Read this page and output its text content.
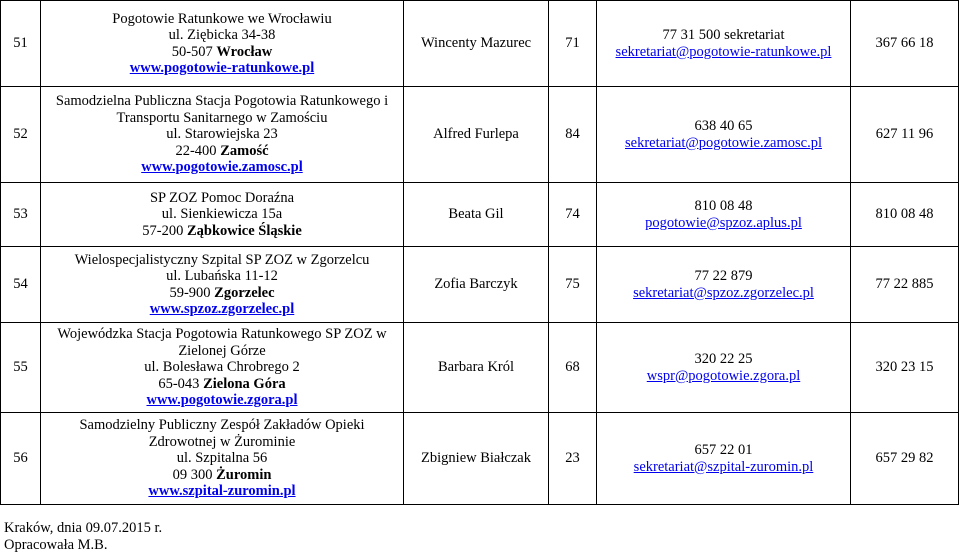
51	Pogotowie Ratunkowe we Wrocławiu
ul. Ziębicka 34-38
50-507 Wrocław
www.pogotowie-ratunkowe.pl	Wincenty Mazurec	71	77 31 500 sekretariat
sekretariat@pogotowie-ratunkowe.pl	367 66 18
52	Samodzielna Publiczna Stacja Pogotowia Ratunkowego i
Transportu Sanitarnego w Zamościu
ul. Starowiejska 23
22-400 Zamość
www.pogotowie.zamosc.pl	Alfred Furlepa	84	638 40 65
sekretariat@pogotowie.zamosc.pl	627 11 96
53	SP ZOZ Pomoc Doraźna
ul. Sienkiewicza 15a
57-200 Ząbkowice Śląskie	Beata Gil	74	810 08 48
pogotowie@spzoz.aplus.pl	810 08 48
54	Wielospecjalistyczny Szpital SP ZOZ w Zgorzelcu
ul. Lubańska 11-12
59-900 Zgorzelec
www.spzoz.zgorzelec.pl	Zofia Barczyk	75	77 22 879
sekretariat@spzoz.zgorzelec.pl	77 22 885
55	Wojewódzka Stacja Pogotowia Ratunkowego SP ZOZ w
Zielonej Górze
ul. Bolesława Chrobrego 2
65-043 Zielona Góra
www.pogotowie.zgora.pl	Barbara Król	68	320 22 25
wspr@pogotowie.zgora.pl	320 23 15
56	Samodzielny Publiczny Zespół Zakładów Opieki
Zdrowotnej w Żurominie
ul. Szpitalna 56
09 300 Żuromin
www.szpital-zuromin.pl	Zbigniew Białczak	23	657 22 01
sekretariat@szpital-zuromin.pl	657 29 82
Kraków, dnia 09.07.2015 r.
Opracowała M.B.
